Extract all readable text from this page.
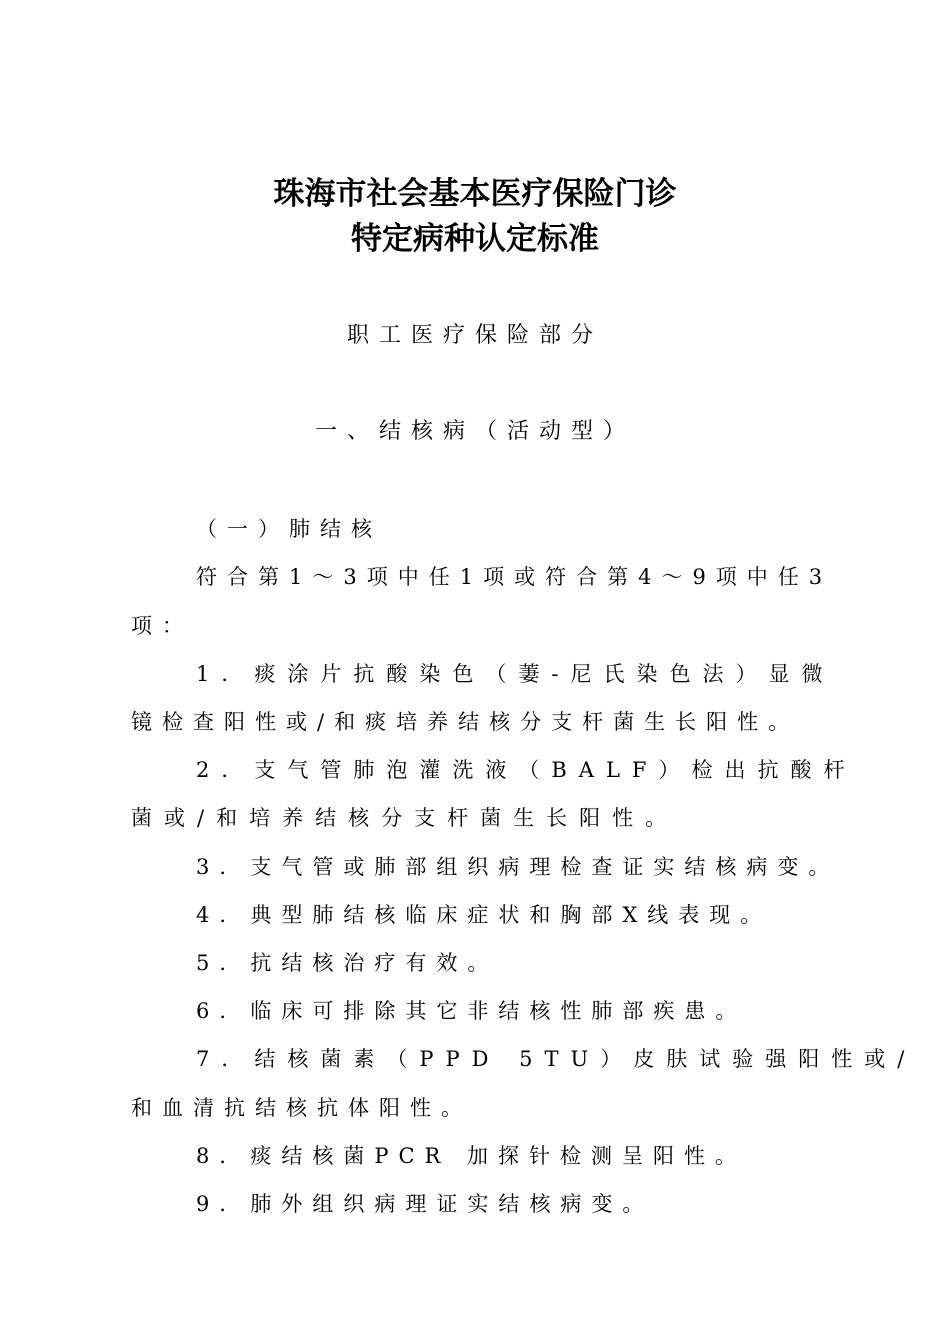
珠海市社会基本医疗保险门诊
特定病种认定标准
职工医疗保险部分
一、结核病（活动型）
（一）肺结核
符合第1～3项中任1项或符合第4～9项中任3
项：
1．痰涂片抗酸染色（萋-尼氏染色法）显微
镜检查阳性或/和痰培养结核分支杆菌生长阳性。
2．支气管肺泡灌洗液（BALF）检出抗酸杆
菌或/和培养结核分支杆菌生长阳性。
3．支气管或肺部组织病理检查证实结核病变。
4．典型肺结核临床症状和胸部X线表现。
5．抗结核治疗有效。
6．临床可排除其它非结核性肺部疾患。
7．结核菌素（PPD 5TU）皮肤试验强阳性或/
和血清抗结核抗体阳性。
8．痰结核菌PCR 加探针检测呈阳性。
9．肺外组织病理证实结核病变。
